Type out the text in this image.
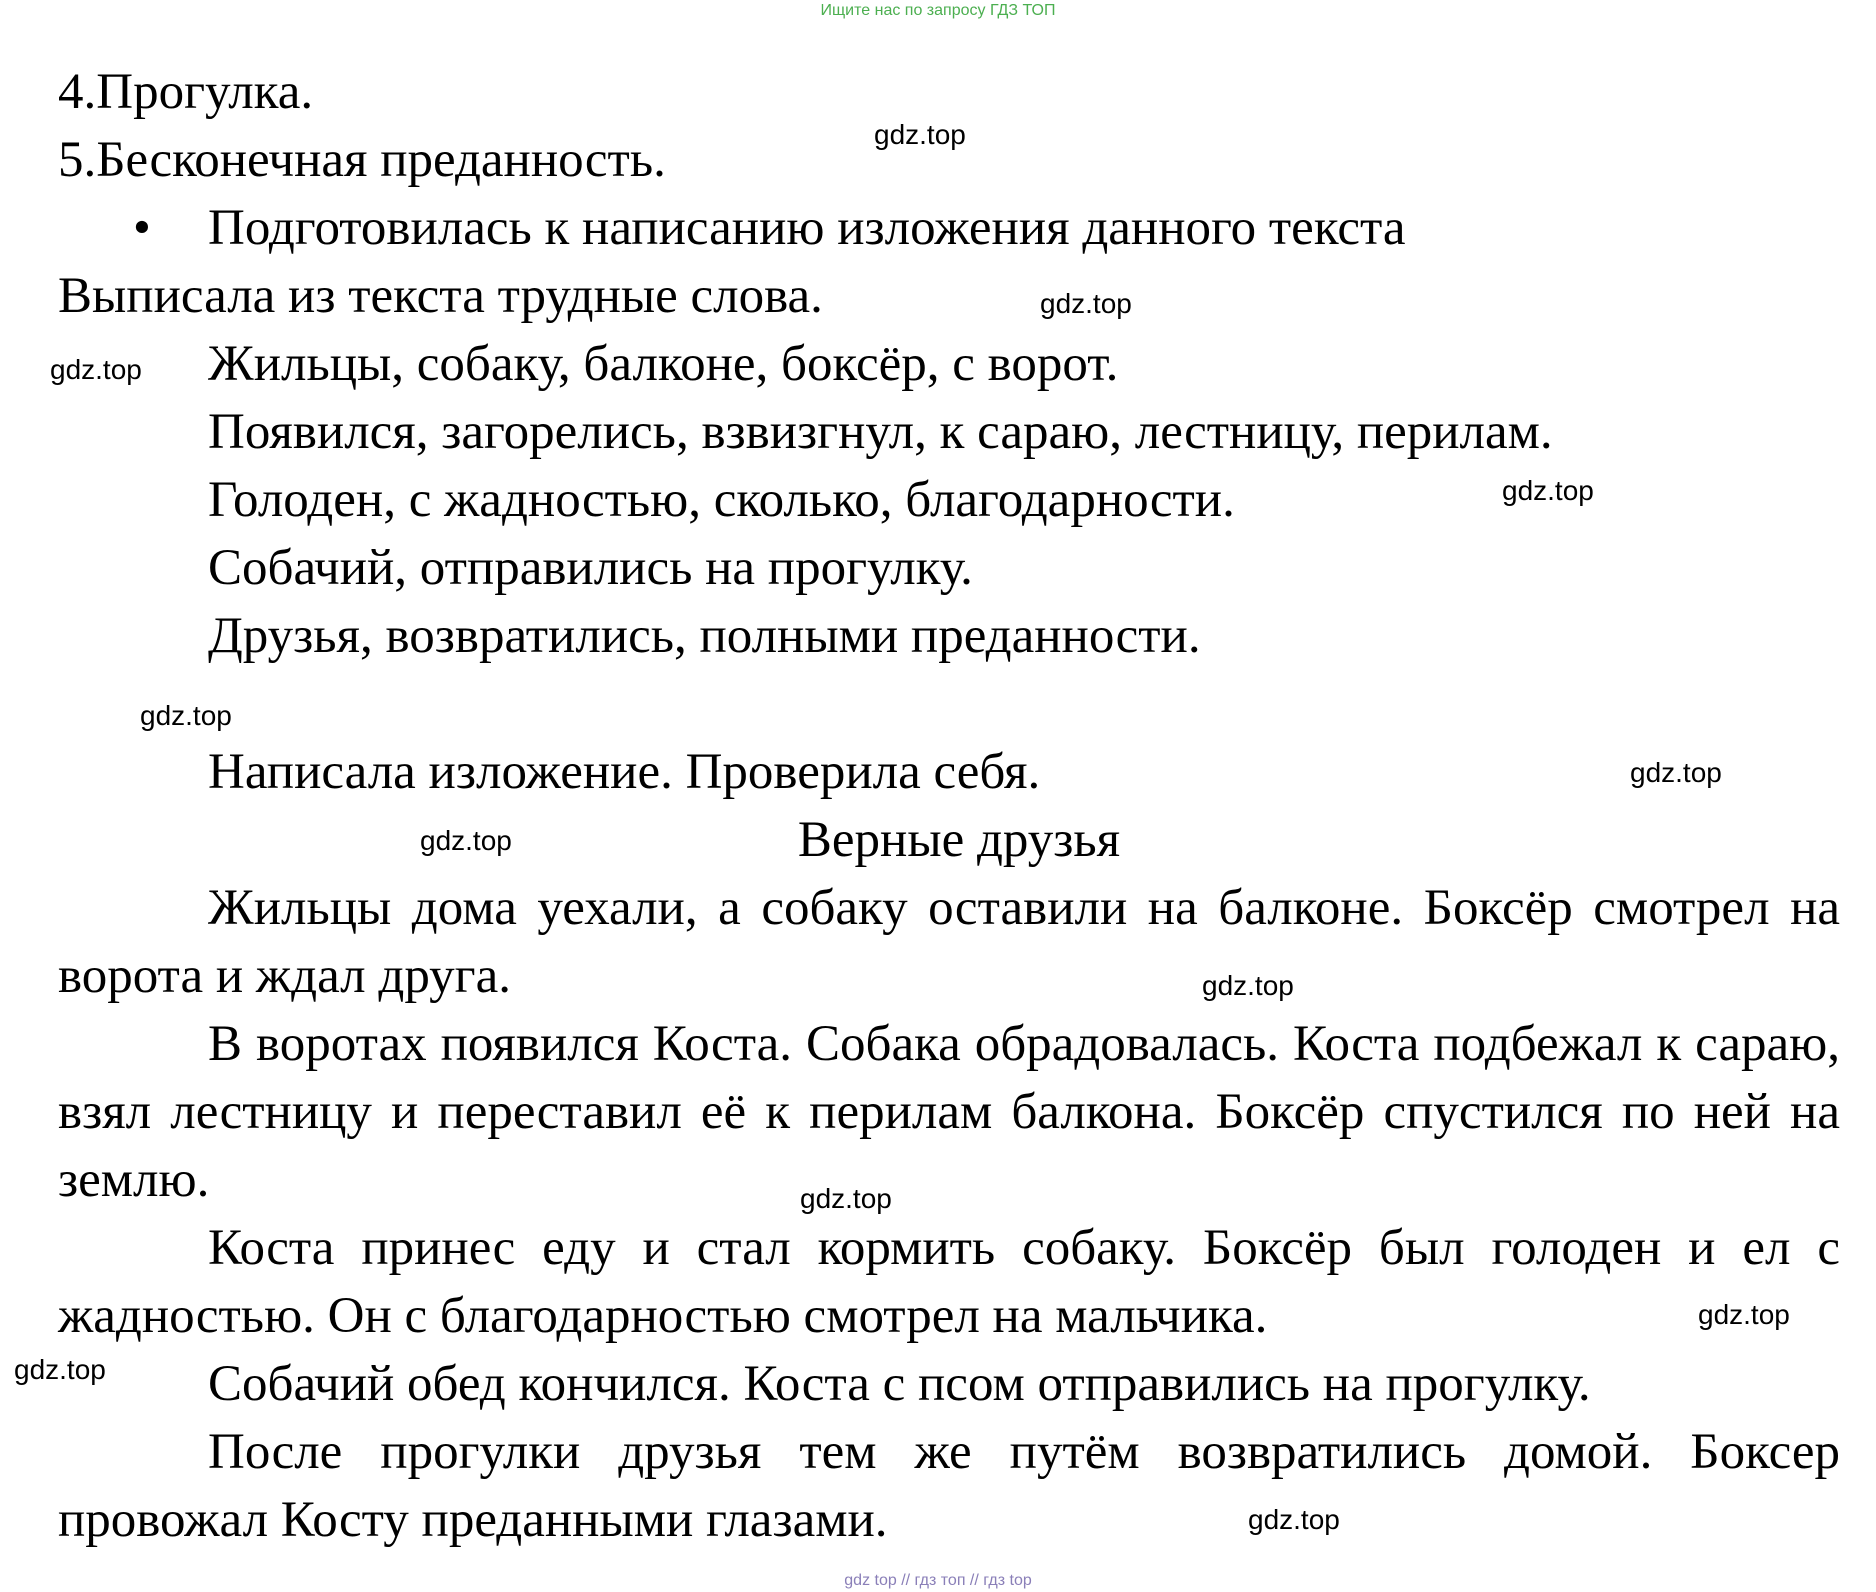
Ищите нас по запросу ГДЗ ТОП

4.Прогулка.

5.Бесконечная преданность.

• Подготовилась к написанию изложения данного текста

Выписала из текста трудные слова.

Жильцы, собаку, балконе, боксёр, с ворот.

Появился, загорелись, взвизгнул, к сараю, лестницу, перилам.

Голоден, с жадностью, сколько, благодарности.

Собачий, отправились на прогулку.

Друзья, возвратились, полными преданности.

Написала изложение. Проверила себя.

Верные друзья

Жильцы дома уехали, а собаку оставили на балконе. Боксёр смотрел на ворота и ждал друга.

В воротах появился Коста. Собака обрадовалась. Коста подбежал к сараю, взял лестницу и переставил её к перилам балкона. Боксёр спустился по ней на землю.

Коста принес еду и стал кормить собаку. Боксёр был голоден и ел с жадностью. Он с благодарностью смотрел на мальчика.

Собачий обед кончился. Коста с псом отправились на прогулку.

После прогулки друзья тем же путём возвратились домой. Боксер провожал Косту преданными глазами.

gdz.top
gdz.top
gdz.top
gdz.top
gdz.top
gdz.top
gdz.top
gdz.top
gdz.top
gdz.top
gdz.top
gdz.top
gdz top // гдз топ // гдз top
